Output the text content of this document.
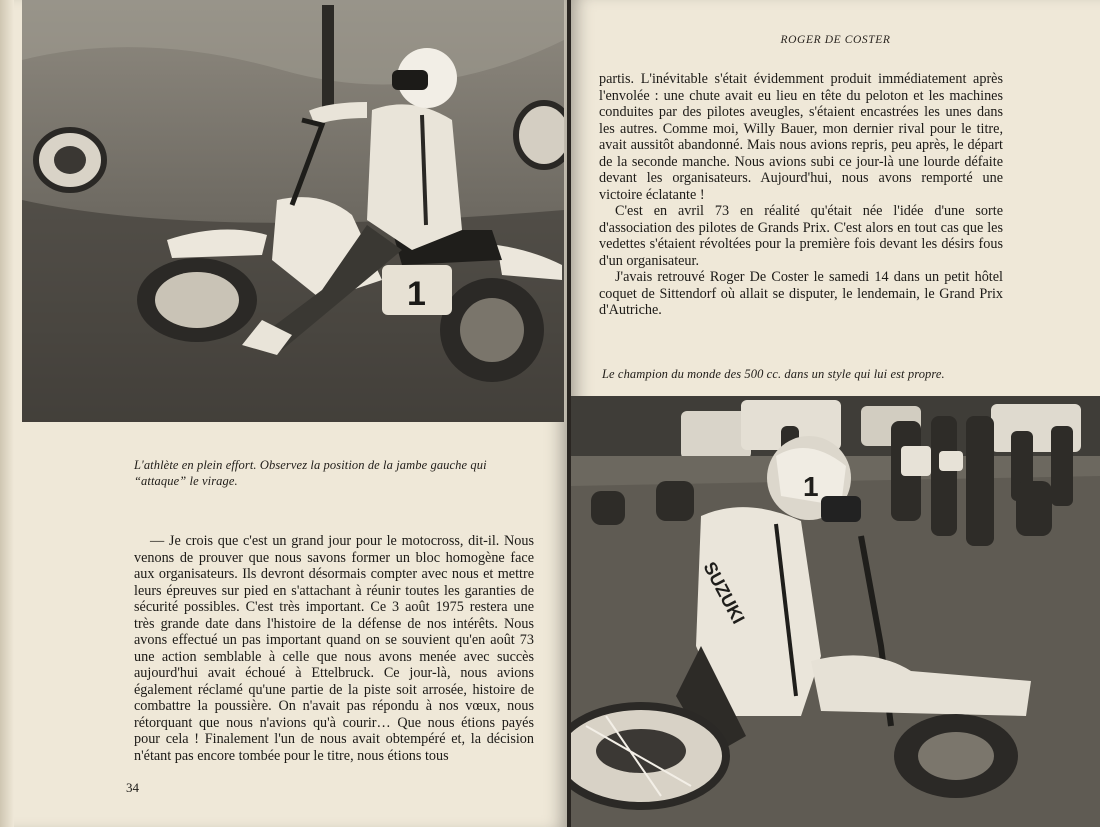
1
L'athlète en plein effort. Observez la position de la jambe gauche qui “attaque” le virage.

— Je crois que c'est un grand jour pour le motocross, dit-il. Nous venons de prouver que nous savons former un bloc homogène face aux organisateurs. Ils devront désormais compter avec nous et mettre leurs épreuves sur pied en s'attachant à réunir toutes les garanties de sécurité possibles. C'est très important. Ce 3 août 1975 restera une très grande date dans l'histoire de la défense de nos intérêts. Nous avons effectué un pas important quand on se souvient qu'en août 73 une action semblable à celle que nous avons menée avec succès aujourd'hui avait échoué à Ettelbruck. Ce jour-là, nous avions également réclamé qu'une partie de la piste soit arrosée, histoire de combattre la poussière. On n'avait pas répondu à nos vœux, nous rétorquant que nous n'avions qu'à courir… Que nous étions payés pour cela ! Finalement l'un de nous avait obtempéré et, la décision n'étant pas encore tombée pour le titre, nous étions tous

34
ROGER DE COSTER

partis. L'inévitable s'était évidemment produit immédiatement après l'envolée : une chute avait eu lieu en tête du peloton et les machines conduites par des pilotes aveugles, s'étaient encastrées les unes dans les autres. Comme moi, Willy Bauer, mon dernier rival pour le titre, avait aussitôt abandonné. Mais nous avions repris, peu après, le départ de la seconde manche. Nous avions subi ce jour-là une lourde défaite devant les organisateurs. Aujourd'hui, nous avons remporté une victoire éclatante !

C'est en avril 73 en réalité qu'était née l'idée d'une sorte d'association des pilotes de Grands Prix. C'est alors en tout cas que les vedettes s'étaient révoltées pour la première fois devant les désirs fous d'un organisateur.

J'avais retrouvé Roger De Coster le samedi 14 dans un petit hôtel coquet de Sittendorf où allait se disputer, le lendemain, le Grand Prix d'Autriche.

Le champion du monde des 500 cc. dans un style qui lui est propre.
SUZUKI
1
